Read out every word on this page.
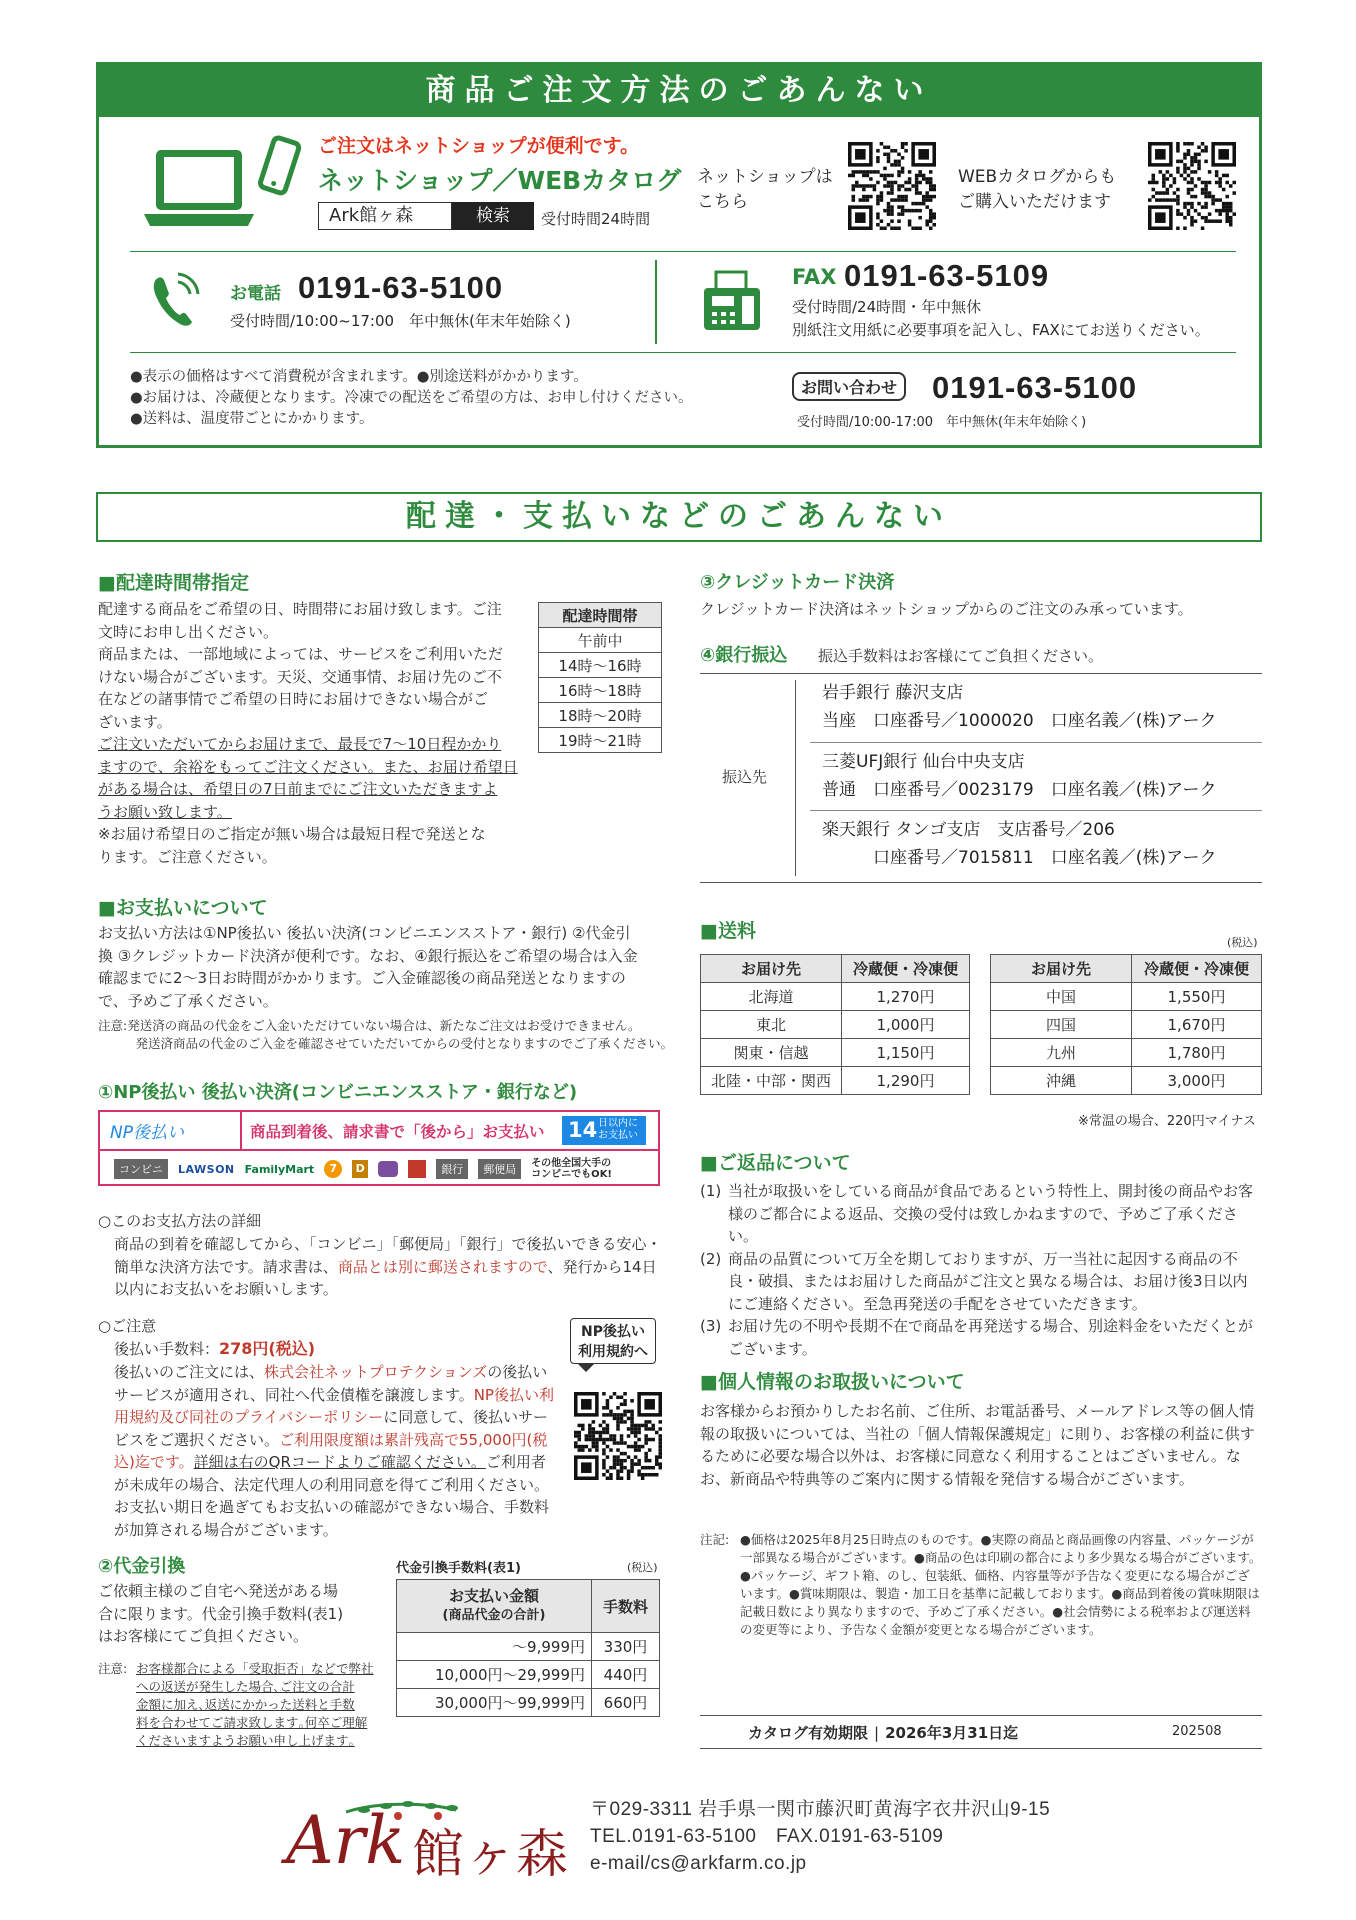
商品ご注文方法のごあんない
ご注文はネットショップが便利です。
ネットショップ／WEBカタログ
Ark館ヶ森	検索	受付時間24時間
ネットショップは
こちら
WEBカタログからも
ご購入いただけます
お電話 0191-63-5100
受付時間/10:00~17:00　年中無休(年末年始除く)
FAX 0191-63-5109
受付時間/24時間・年中無休
別紙注文用紙に必要事項を記入し、FAXにてお送りください。
●表示の価格はすべて消費税が含まれます。●別途送料がかかります。
●お届けは、冷蔵便となります。冷凍での配送をご希望の方は、お申し付けください。
●送料は、温度帯ごとにかかります。
お問い合わせ 0191-63-5100
受付時間/10:00-17:00　年中無休(年末年始除く)
配達・支払いなどのごあんない
■配達時間帯指定
配達する商品をご希望の日、時間帯にお届け致します。ご注
文時にお申し出ください。
商品または、一部地域によっては、サービスをご利用いただ
けない場合がございます。天災、交通事情、お届け先のご不
在などの諸事情でご希望の日時にお届けできない場合がご
ざいます。
ご注文いただいてからお届けまで、最長で7～10日程かかり
ますので、余裕をもってご注文ください。また、お届け希望日
がある場合は、希望日の7日前までにご注文いただきますよ
うお願い致します。
※お届け希望日のご指定が無い場合は最短日程で発送とな
ります。ご注意ください。
配達時間帯
午前中
14時～16時
16時～18時
18時～20時
19時～21時
■お支払いについて
お支払い方法は①NP後払い 後払い決済(コンビニエンスストア・銀行) ②代金引
換 ③クレジットカード決済が便利です。なお、④銀行振込をご希望の場合は入金
確認までに2～3日お時間がかかります。ご入金確認後の商品発送となりますの
で、予めご了承ください。
注意:発送済の商品の代金をご入金いただけていない場合は、新たなご注文はお受けできません。
　　　発送済商品の代金のご入金を確認させていただいてからの受付となりますのでご了承ください。
①NP後払い 後払い決済(コンビニエンスストア・銀行など)
NP後払い	商品到着後、請求書で「後から」お支払い 14 日以内に
お支払い
コンビニ	LAWSON FamilyMart	7	D	銀行	郵便局	その他全国大手の
コンビニでもOK!
○このお支払方法の詳細
商品の到着を確認してから、「コンビニ」「郵便局」「銀行」で後払いできる安心・簡単な決済方法です。請求書は、商品とは別に郵送されますので、発行から14日以内にお支払いをお願いします。
○ご注意
後払い手数料：278円(税込)
後払いのご注文には、株式会社ネットプロテクションズの後払いサービスが適用され、同社へ代金債権を譲渡します。NP後払い利用規約及び同社のプライバシーポリシーに同意して、後払いサービスをご選択ください。ご利用限度額は累計残高で55,000円(税込)迄です。詳細は右のQRコードよりご確認ください。ご利用者が未成年の場合、法定代理人の利用同意を得てご利用ください。お支払い期日を過ぎてもお支払いの確認ができない場合、手数料が加算される場合がございます。
NP後払い
利用規約へ
②代金引換
ご依頼主様のご自宅へ発送がある場
合に限ります。代金引換手数料(表1)
はお客様にてご負担ください。
注意: お客様都合による「受取拒否」などで弊社
への返送が発生した場合､ご注文の合計
金額に加え､返送にかかった送料と手数
料を合わせてご請求致します｡何卒ご理解
くださいますようお願い申し上げます｡
代金引換手数料(表1)	(税込)
お支払い金額
(商品代金の合計)	手数料
～9,999円	330円
10,000円～29,999円	440円
30,000円～99,999円	660円
③クレジットカード決済
クレジットカード決済はネットショップからのご注文のみ承っています。
④銀行振込 振込手数料はお客様にてご負担ください。
振込先
岩手銀行 藤沢支店
当座　口座番号／1000020　口座名義／(株)アーク
三菱UFJ銀行 仙台中央支店
普通　口座番号／0023179　口座名義／(株)アーク
楽天銀行 タンゴ支店　支店番号／206
　　　口座番号／7015811　口座名義／(株)アーク
■送料
(税込)
お届け先	冷蔵便・冷凍便
北海道	1,270円
東北	1,000円
関東・信越	1,150円
北陸・中部・関西	1,290円
お届け先	冷蔵便・冷凍便
中国	1,550円
四国	1,670円
九州	1,780円
沖縄	3,000円
※常温の場合、220円マイナス
■ご返品について
(1) 当社が取扱いをしている商品が食品であるという特性上、開封後の商品やお客様のご都合による返品、交換の受付は致しかねますので、予めご了承ください。
(2) 商品の品質について万全を期しておりますが、万一当社に起因する商品の不良・破損、またはお届けした商品がご注文と異なる場合は、お届け後3日以内にご連絡ください。至急再発送の手配をさせていただきます。
(3) お届け先の不明や長期不在で商品を再発送する場合、別途料金をいただくとがございます。
■個人情報のお取扱いについて
お客様からお預かりしたお名前、ご住所、お電話番号、メールアドレス等の個人情報の取扱いについては、当社の「個人情報保護規定」に則り、お客様の利益に供するために必要な場合以外は、お客様に同意なく利用することはございません。なお、新商品や特典等のご案内に関する情報を発信する場合がございます。
注記: ●価格は2025年8月25日時点のものです。●実際の商品と商品画像の内容量、パッケージが一部異なる場合がございます。●商品の色は印刷の都合により多少異なる場合がございます。●パッケージ、ギフト箱、のし、包装紙、価格、内容量等が予告なく変更になる場合がございます。●賞味期限は、製造・加工日を基準に記載しております。●商品到着後の賞味期限は記載日数により異なりますので、予めご了承ください。●社会情勢による税率および運送料の変更等により、予告なく金額が変更となる場合がございます。
カタログ有効期限 | 2026年3月31日迄	202508
Ark 館ヶ森
〒029-3311 岩手県一関市藤沢町黄海字衣井沢山9-15
TEL.0191-63-5100　FAX.0191-63-5109
e-mail/cs@arkfarm.co.jp
